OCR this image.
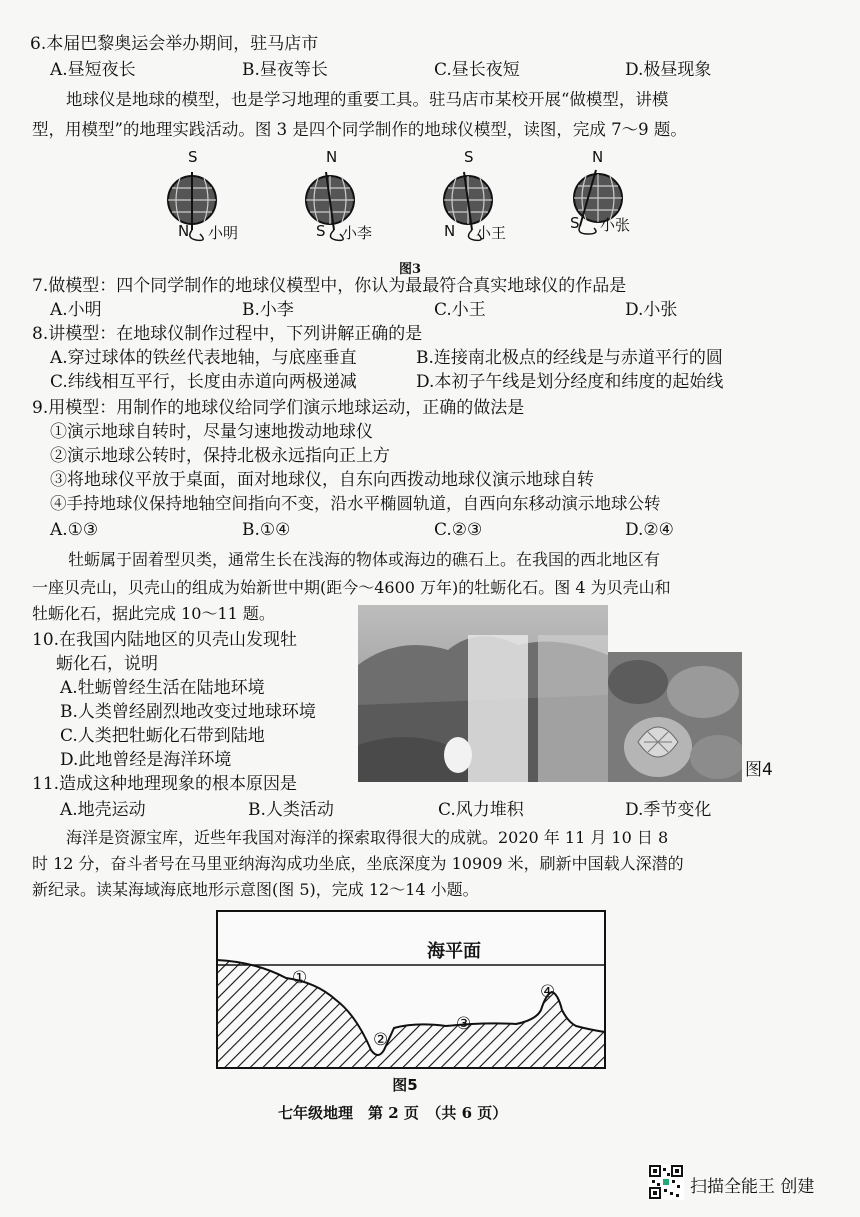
6.本届巴黎奥运会举办期间，驻马店市
A.昼短夜长	B.昼夜等长	C.昼长夜短	D.极昼现象
地球仪是地球的模型，也是学习地理的重要工具。驻马店市某校开展“做模型，讲模
型，用模型”的地理实践活动。图 3 是四个同学制作的地球仪模型，读图，完成 7～9 题。
S
N 小明
N
S 小李
S
N 小王
N
S 小张
图3
7.做模型：四个同学制作的地球仪模型中，你认为最最符合真实地球仪的作品是
A.小明	B.小李	C.小王	D.小张
8.讲模型：在地球仪制作过程中，下列讲解正确的是
A.穿过球体的铁丝代表地轴，与底座垂直	B.连接南北极点的经线是与赤道平行的圆
C.纬线相互平行，长度由赤道向两极递减	D.本初子午线是划分经度和纬度的起始线
9.用模型：用制作的地球仪给同学们演示地球运动，正确的做法是
①演示地球自转时，尽量匀速地拨动地球仪
②演示地球公转时，保持北极永远指向正上方
③将地球仪平放于桌面，面对地球仪，自东向西拨动地球仪演示地球自转
④手持地球仪保持地轴空间指向不变，沿水平椭圆轨道，自西向东移动演示地球公转
A.①③	B.①④	C.②③	D.②④
牡蛎属于固着型贝类，通常生长在浅海的物体或海边的礁石上。在我国的西北地区有
一座贝壳山，贝壳山的组成为始新世中期(距今～4600 万年)的牡蛎化石。图 4 为贝壳山和
牡蛎化石，据此完成 10～11 题。
10.在我国内陆地区的贝壳山发现牡
蛎化石，说明
A.牡蛎曾经生活在陆地环境
B.人类曾经剧烈地改变过地球环境
C.人类把牡蛎化石带到陆地
D.此地曾经是海洋环境	图4
11.造成这种地理现象的根本原因是
A.地壳运动	B.人类活动	C.风力堆积	D.季节变化
海洋是资源宝库，近些年我国对海洋的探索取得很大的成就。2020 年 11 月 10 日 8
时 12 分，奋斗者号在马里亚纳海沟成功坐底，坐底深度为 10909 米，刷新中国载人深潜的
新纪录。读某海域海底地形示意图(图 5)，完成 12～14 小题。
海平面
①
②
③
④
图5
七年级地理　第 2 页　（共 6 页）
扫描全能王 创建
